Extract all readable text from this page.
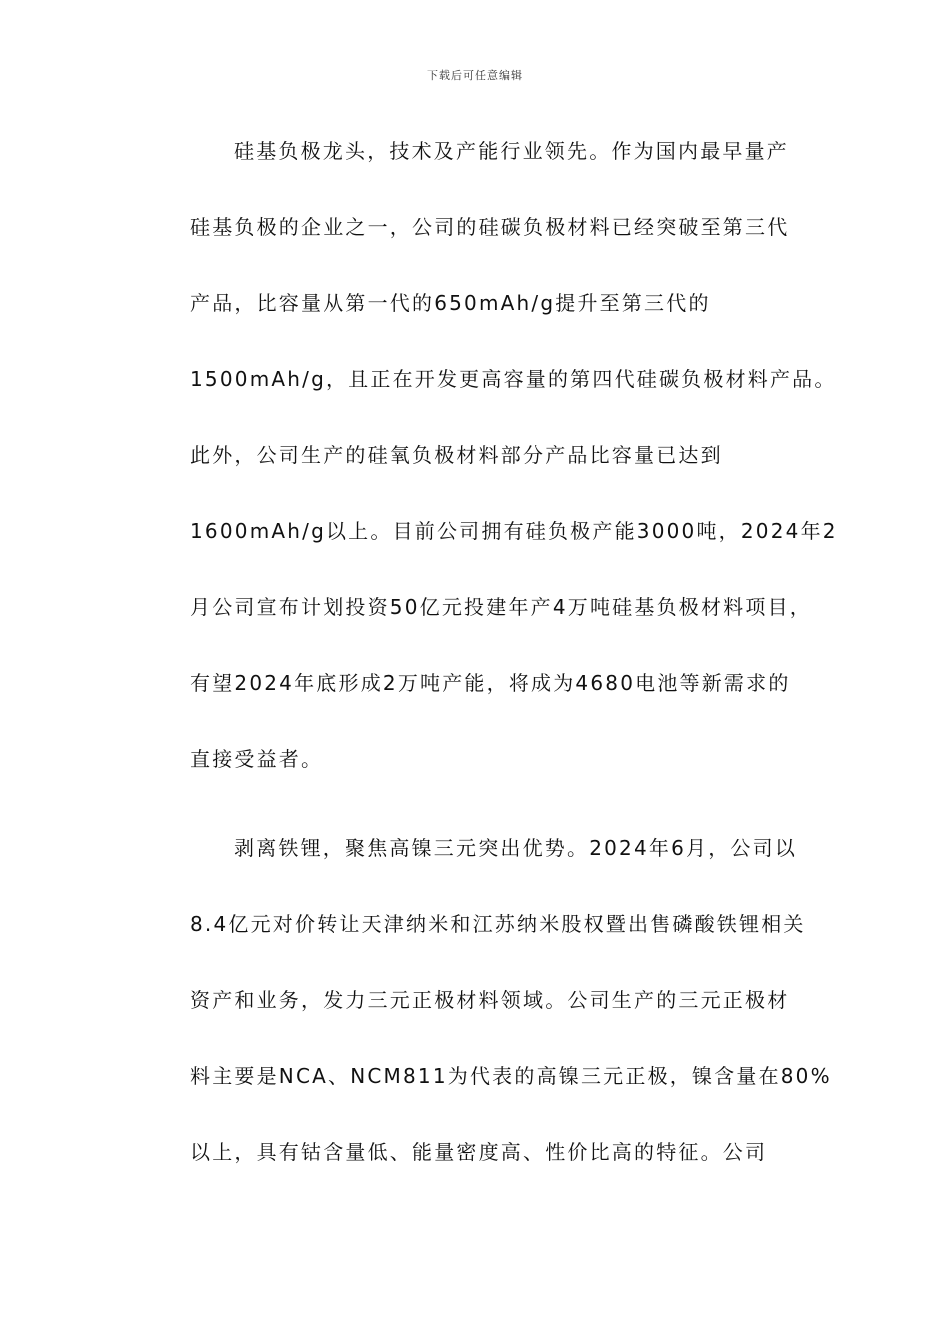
下载后可任意编辑

硅基负极龙头，技术及产能行业领先。作为国内最早量产
硅基负极的企业之一，公司的硅碳负极材料已经突破至第三代
产品，比容量从第一代的650mAh/g提升至第三代的
1500mAh/g，且正在开发更高容量的第四代硅碳负极材料产品。
此外，公司生产的硅氧负极材料部分产品比容量已达到
1600mAh/g以上。目前公司拥有硅负极产能3000吨，2024年2
月公司宣布计划投资50亿元投建年产4万吨硅基负极材料项目，
有望2024年底形成2万吨产能，将成为4680电池等新需求的
直接受益者。

剥离铁锂，聚焦高镍三元突出优势。2024年6月，公司以
8.4亿元对价转让天津纳米和江苏纳米股权暨出售磷酸铁锂相关
资产和业务，发力三元正极材料领域。公司生产的三元正极材
料主要是NCA、NCM811为代表的高镍三元正极，镍含量在80%
以上，具有钴含量低、能量密度高、性价比高的特征。公司
